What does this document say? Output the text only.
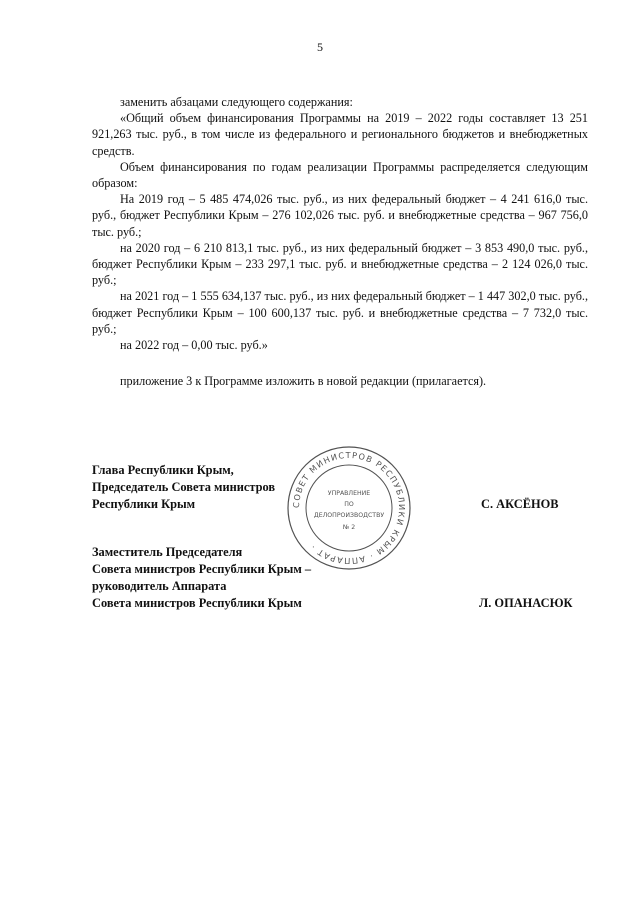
5

заменить абзацами следующего содержания:

«Общий объем финансирования Программы на 2019 – 2022 годы составляет 13 251 921,263 тыс. руб., в том числе из федерального и регионального бюджетов и внебюджетных средств.

Объем финансирования по годам реализации Программы распределяется следующим образом:

На 2019 год – 5 485 474,026 тыс. руб., из них федеральный бюджет – 4 241 616,0 тыс. руб., бюджет Республики Крым – 276 102,026 тыс. руб. и внебюджетные средства – 967 756,0 тыс. руб.;

на 2020 год – 6 210 813,1 тыс. руб., из них федеральный бюджет – 3 853 490,0 тыс. руб., бюджет Республики Крым – 233 297,1 тыс. руб. и внебюджетные средства – 2 124 026,0 тыс. руб.;

на 2021 год – 1 555 634,137 тыс. руб., из них федеральный бюджет – 1 447 302,0 тыс. руб., бюджет Республики Крым – 100 600,137 тыс. руб. и внебюджетные средства – 7 732,0 тыс. руб.;

на 2022 год – 0,00 тыс. руб.»

приложение 3 к Программе изложить в новой редакции (прилагается).

Глава Республики Крым,
Председатель Совета министров
Республики Крым	С. АКСЁНОВ
Заместитель Председателя
Совета министров Республики Крым –
руководитель Аппарата
Совета министров Республики Крым	Л. ОПАНАСЮК
СОВЕТ МИНИСТРОВ РЕСПУБЛИКИ КРЫМ · АППАРАТ ·
УПРАВЛЕНИЕ
ПО
ДЕЛОПРОИЗВОДСТВУ
№ 2
